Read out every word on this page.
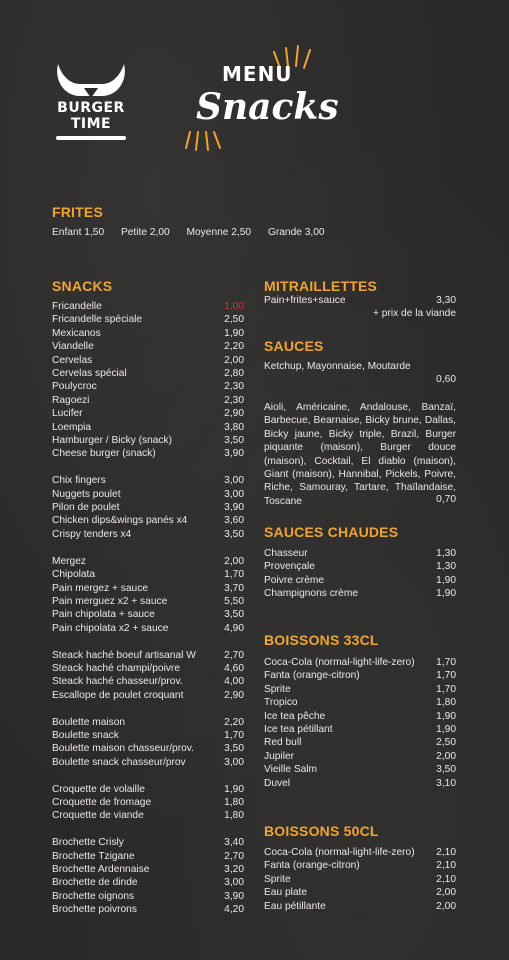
BURGER
TIME
MENU
Snacks
FRITES
Enfant 1,50 Petite 2,00 Moyenne 2,50 Grande 3,00
SNACKS
Fricandelle	1,00
Fricandelle spéciale	2,50
Mexicanos	1,90
Viandelle	2,20
Cervelas	2,00
Cervelas spécial	2,80
Poulycroc	2,30
Ragoezi	2,30
Lucifer	2,90
Loempia	3,80
Hamburger / Bicky (snack)	3,50
Cheese burger (snack)	3,90
Chix fingers	3,00
Nuggets poulet	3,00
Pilon de poulet	3,90
Chicken dips&wings panés x4	3,60
Crispy tenders x4	3,50
Mergez	2,00
Chipolata	1,70
Pain mergez + sauce	3,70
Pain merguez x2 + sauce	5,50
Pain chipolata + sauce	3,50
Pain chipolata x2 + sauce	4,90
Steack haché boeuf artisanal W	2,70
Steack haché champi/poivre	4,60
Steack haché chasseur/prov.	4,00
Escallope de poulet croquant	2,90
Boulette maison	2,20
Boulette snack	1,70
Boulette maison chasseur/prov.	3,50
Boulette snack chasseur/prov	3,00
Croquette de volaille	1,90
Croquette de fromage	1,80
Croquette de viande	1,80
Brochette Crisly	3,40
Brochette Tzigane	2,70
Brochette Ardennaise	3,20
Brochette de dinde	3,00
Brochette oignons	3,90
Brochette poivrons	4,20
MITRAILLETTES
Pain+frites+sauce	3,30
+ prix de la viande
SAUCES
Ketchup, Mayonnaise, Moutarde
0,60
Aioli, Américaine, Andalouse, Banzaï, Barbecue, Bearnaise, Bicky brune, Dallas, Bicky jaune, Bicky triple, Brazil, Burger piquante (maison), Burger douce (maison), Cocktail, El diablo (maison), Giant (maison), Hannibal, Pickels, Poivre, Riche, Samouray, Tartare, Thaïlandaise, Toscane	0,70
SAUCES CHAUDES
Chasseur	1,30
Provençale	1,30
Poivre crème	1,90
Champignons crème	1,90
BOISSONS 33CL
Coca-Cola (normal-light-life-zero) 1,70
Fanta (orange-citron)	1,70
Sprite	1,70
Tropico	1,80
Ice tea pêche	1,90
Ice tea pétillant	1,90
Red bull	2,50
Jupiler	2,00
Vieille Salm	3,50
Duvel	3,10
BOISSONS 50CL
Coca-Cola (normal-light-life-zero) 2,10
Fanta (orange-citron)	2,10
Sprite	2,10
Eau plate	2,00
Eau pétillante	2,00
